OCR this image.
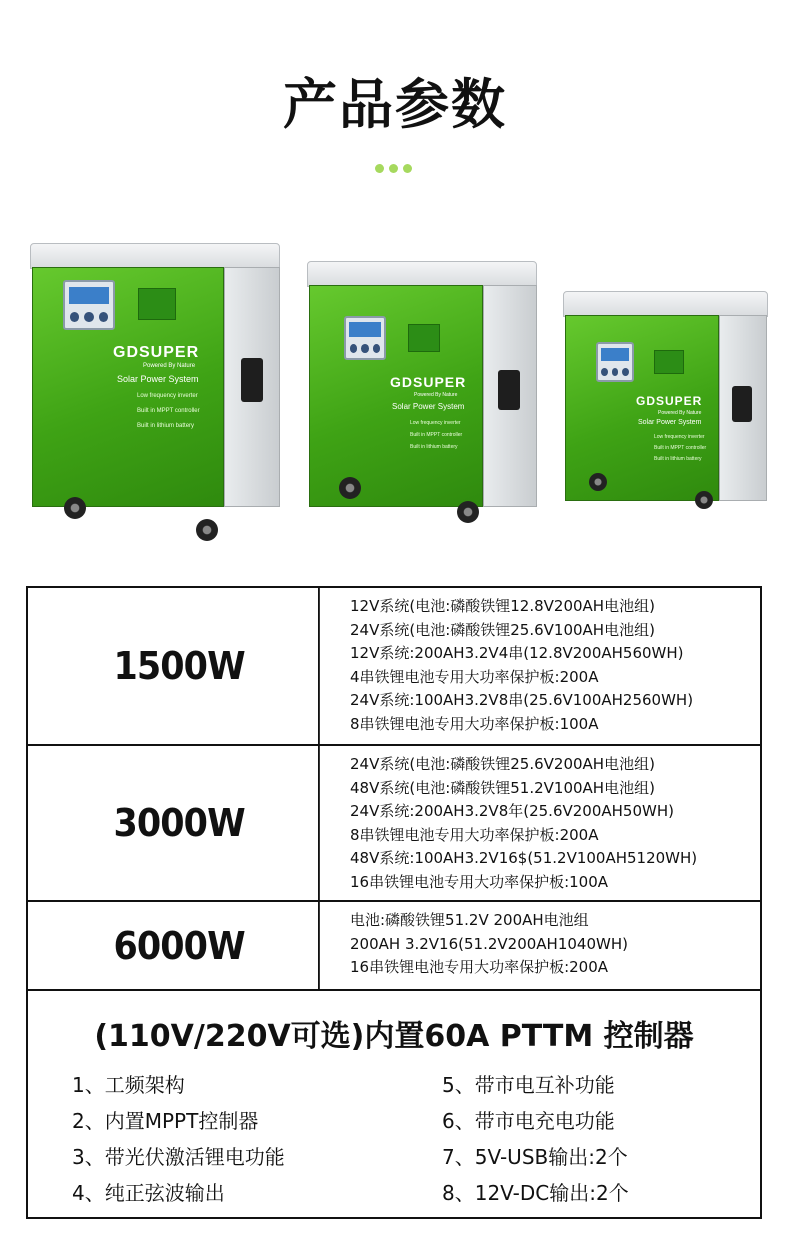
产品参数
GDSUPER
Powered By Nature
Solar Power System
Low frequency inverter
Built in MPPT controller
Built in lithium battery
GDSUPER
Powered By Nature
Solar Power System
Low frequency inverter
Built in MPPT controller
Built in lithium battery
GDSUPER
Powered By Nature
Solar Power System
Low frequency inverter
Built in MPPT controller
Built in lithium battery
1500W
12V系统(电池:磷酸铁锂12.8V200AH电池组)
24V系统(电池:磷酸铁锂25.6V100AH电池组)
12V系统:200AH3.2V4串(12.8V200AH560WH)
4串铁锂电池专用大功率保护板:200A
24V系统:100AH3.2V8串(25.6V100AH2560WH)
8串铁锂电池专用大功率保护板:100A
3000W
24V系统(电池:磷酸铁锂25.6V200AH电池组)
48V系统(电池:磷酸铁锂51.2V100AH电池组)
24V系统:200AH3.2V8年(25.6V200AH50WH)
8串铁锂电池专用大功率保护板:200A
48V系统:100AH3.2V16$(51.2V100AH5120WH)
16串铁锂电池专用大功率保护板:100A
6000W
电池:磷酸铁锂51.2V 200AH电池组
200AH 3.2V16(51.2V200AH1040WH)
16串铁锂电池专用大功率保护板:200A
(110V/220V可选)内置60A PTTM 控制器
1、工频架构
2、内置MPPT控制器
3、带光伏激活锂电功能
4、纯正弦波输出
5、带市电互补功能
6、带市电充电功能
7、5V-USB输出:2个
8、12V-DC输出:2个
